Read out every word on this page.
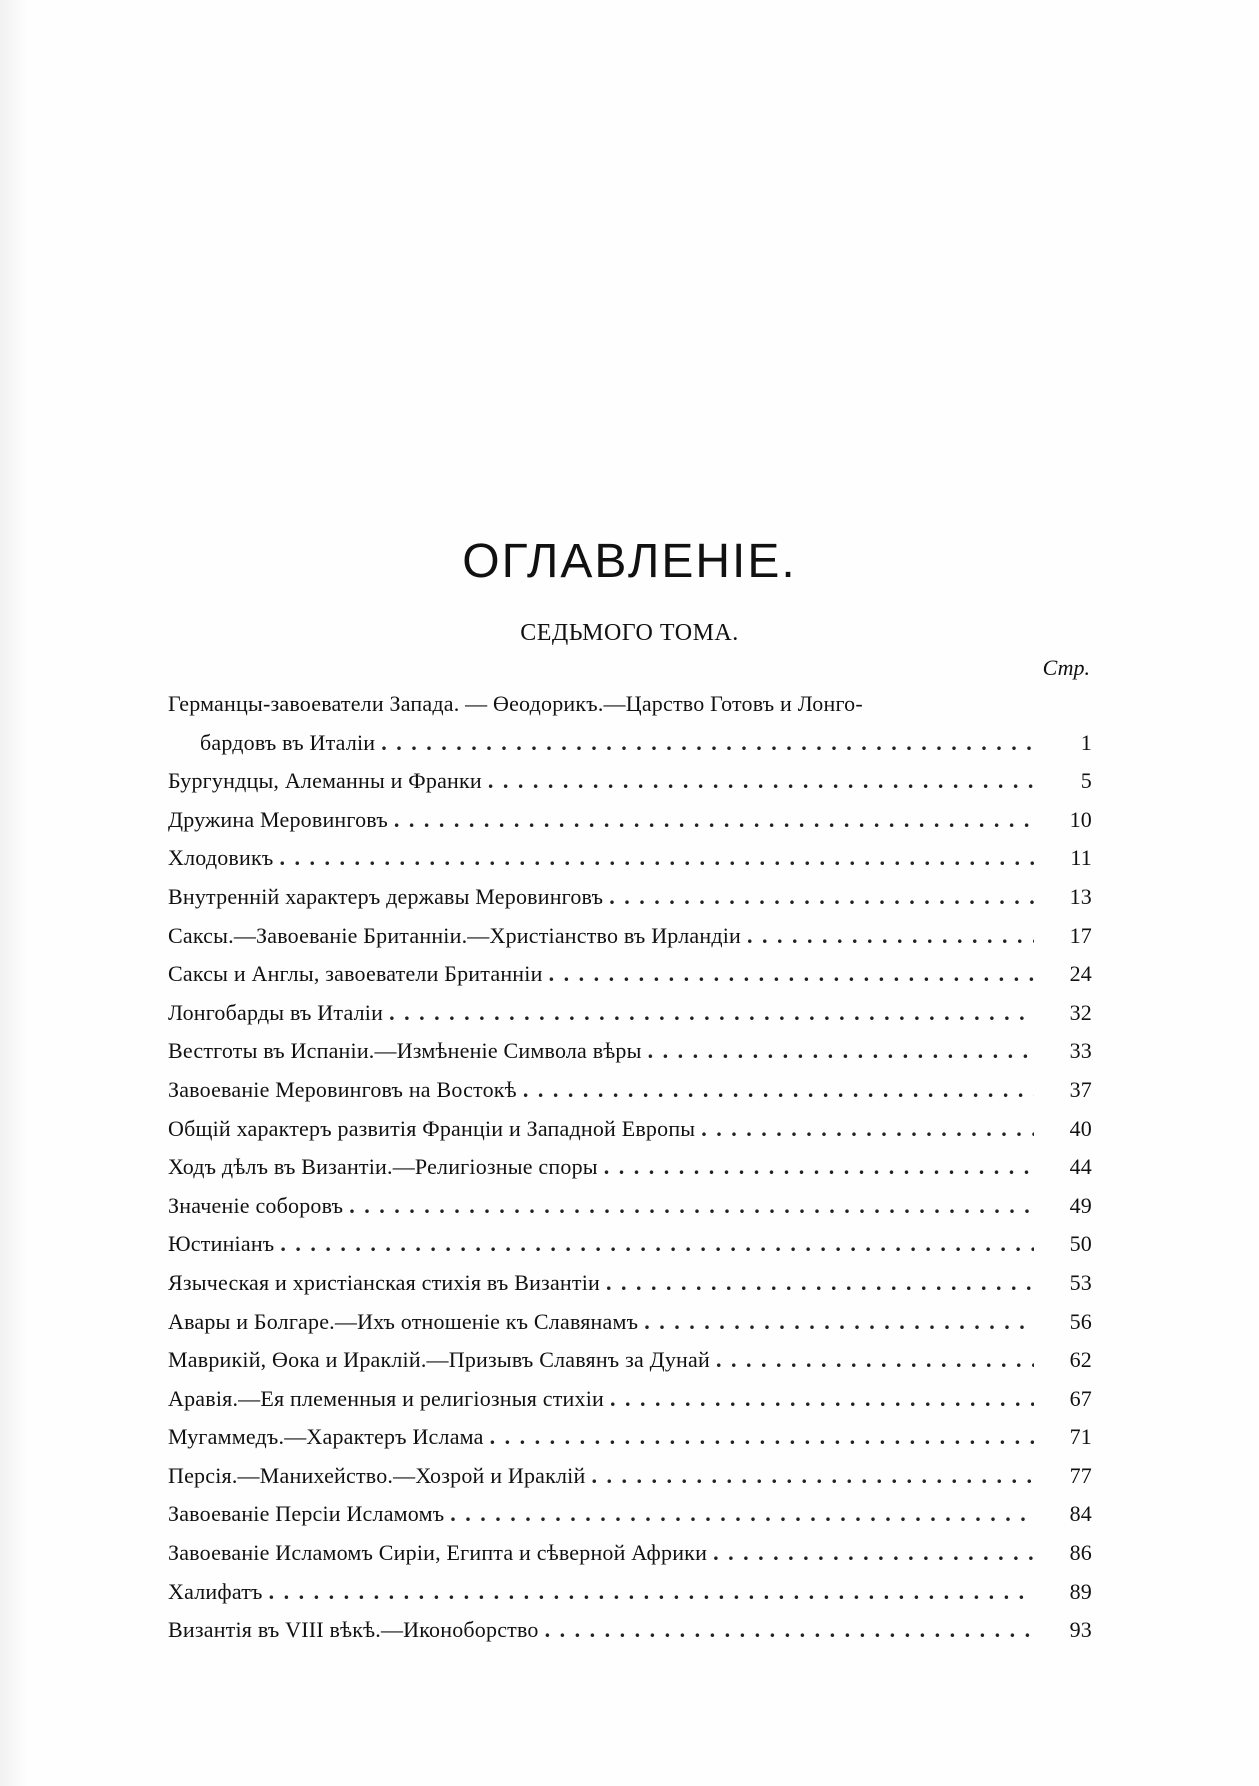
ОГЛАВЛЕНIЕ.
СЕДЬМОГО ТОМА.
Стр.
Германцы-завоеватели Запада. — Өеодорикъ.—Царство Готовъ и Лонго-
бардовъ въ Италiи . . .	1
Бургундцы, Алеманны и Франки . . .	5
Дружина Меровинговъ . . .	10
Хлодовикъ . . .	11
Внутреннiй характеръ державы Меровинговъ . . .	13
Саксы.—Завоеванiе Британнiи.—Христiанство въ Ирландiи . . .	17
Саксы и Англы, завоеватели Британнiи . . .	24
Лонгобарды въ Италiи . . .	32
Вестготы въ Испанiи.—Измѣненiе Символа вѣры . . .	33
Завоеванiе Меровинговъ на Востокѣ . . .	37
Общiй характеръ развитiя Францiи и Западной Европы . . .	40
Ходъ дѣлъ въ Византiи.—Религiозные споры . . .	44
Значенiе соборовъ . . .	49
Юстинiанъ . . .	50
Языческая и христiанская стихiя въ Византiи . . .	53
Авары и Болгаре.—Ихъ отношенiе къ Славянамъ . . .	56
Маврикiй, Өока и Ираклiй.—Призывъ Славянъ за Дунай . . .	62
Аравiя.—Ея племенныя и религiозныя стихiи . . .	67
Мугаммедъ.—Характеръ Ислама . . .	71
Персiя.—Манихейство.—Хозрой и Ираклiй . . .	77
Завоеванiе Персiи Исламомъ . . .	84
Завоеванiе Исламомъ Сирiи, Египта и сѣверной Африки . . .	86
Халифатъ . . .	89
Византiя въ VIII вѣкѣ.—Иконоборство . . .	93
